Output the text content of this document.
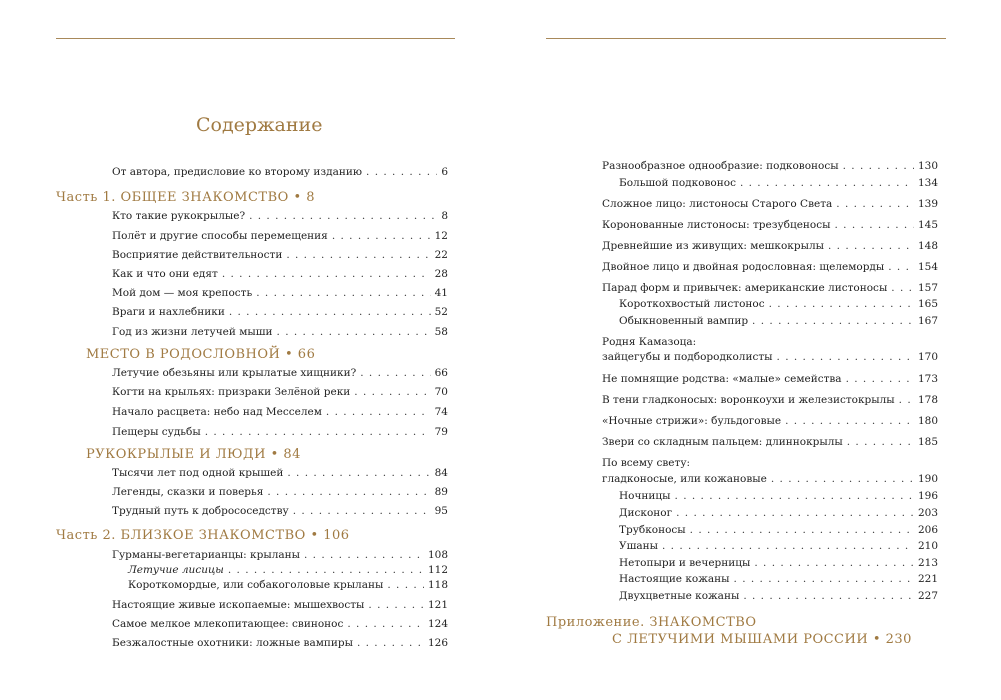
Содержание
От автора, предисловие ко второму изданию . . .	6
Часть 1. ОБЩЕЕ ЗНАКОМСТВО • 8
Кто такие рукокрылые? . . .	8
Полёт и другие способы перемещения . . .	12
Восприятие действительности . . .	22
Как и что они едят . . .	28
Мой дом — моя крепость . . .	41
Враги и нахлебники . . .	52
Год из жизни летучей мыши . . .	58
МЕСТО В РОДОСЛОВНОЙ • 66
Летучие обезьяны или крылатые хищники? . . .	66
Когти на крыльях: призраки Зелёной реки . . .	70
Начало расцвета: небо над Месселем . . .	74
Пещеры судьбы . . .	79
РУКОКРЫЛЫЕ И ЛЮДИ • 84
Тысячи лет под одной крышей . . .	84
Легенды, сказки и поверья . . .	89
Трудный путь к добрососедству . . .	95
Часть 2. БЛИЗКОЕ ЗНАКОМСТВО • 106
Гурманы-вегетарианцы: крыланы . . .	108
Летучие лисицы . . .	112
Короткомордые, или собакоголовые крыланы . . .	118
Настоящие живые ископаемые: мышехвосты . . .	121
Самое мелкое млекопитающее: свинонос . . .	124
Безжалостные охотники: ложные вампиры . . .	126
Разнообразное однообразие: подковоносы . . .	130
Большой подковонос . . .	134
Сложное лицо: листоносы Старого Света . . .	139
Коронованные листоносы: трезубценосы . . .	145
Древнейшие из живущих: мешкокрылы . . .	148
Двойное лицо и двойная родословная: щелеморды . . .	154
Парад форм и привычек: американские листоносы . . .	157
Короткохвостый листонос . . .	165
Обыкновенный вампир . . .	167
Родня Камазоца:
зайцегубы и подбородколисты . . .	170
Не помнящие родства: «малые» семейства . . .	173
В тени гладконосых: воронкоухи и железистокрылы . . .	178
«Ночные стрижи»: бульдоговые . . .	180
Звери со складным пальцем: длиннокрылы . . .	185
По всему свету:
гладконосые, или кожановые . . .	190
Ночницы . . .	196
Дисконог . . .	203
Трубконосы . . .	206
Ушаны . . .	210
Нетопыри и вечерницы . . .	213
Настоящие кожаны . . .	221
Двухцветные кожаны . . .	227
Приложение. ЗНАКОМСТВО
С ЛЕТУЧИМИ МЫШАМИ РОССИИ • 230
